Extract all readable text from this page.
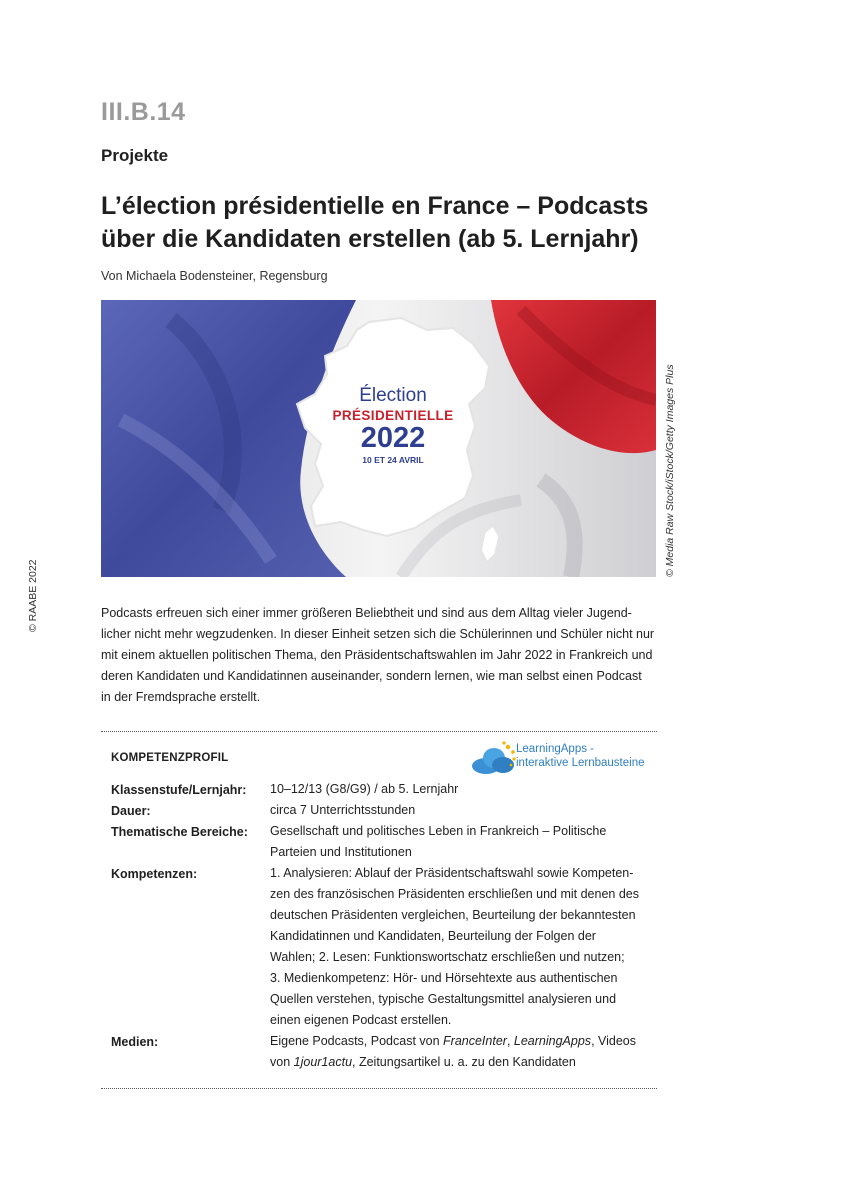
III.B.14
Projekte
L’élection présidentielle en France – Podcasts
über die Kandidaten erstellen (ab 5. Lernjahr)
Von Michaela Bodensteiner, Regensburg
© RAABE 2022
Élection
PRÉSIDENTIELLE
2022
10 ET 24 AVRIL	© Media Raw Stock/iStock/Getty Images Plus
Podcasts erfreuen sich einer immer größeren Beliebtheit und sind aus dem Alltag vieler Jugend-
licher nicht mehr wegzudenken. In dieser Einheit setzen sich die Schülerinnen und Schüler nicht nur
mit einem aktuellen politischen Thema, den Präsidentschaftswahlen im Jahr 2022 in Frankreich und
deren Kandidaten und Kandidatinnen auseinander, sondern lernen, wie man selbst einen Podcast
in der Fremdsprache erstellt.
KOMPETENZPROFIL
LearningApps -
interaktive Lernbausteine
Klassenstufe/Lernjahr: 10–12/13 (G8/G9) / ab 5. Lernjahr
Dauer:	circa 7 Unterrichtsstunden
Thematische Bereiche: Gesellschaft und politisches Leben in Frankreich – Politische
Parteien und Institutionen
Kompetenzen:	1. Analysieren: Ablauf der Präsidentschaftswahl sowie Kompeten-
zen des französischen Präsidenten erschließen und mit denen des
deutschen Präsidenten vergleichen, Beurteilung der bekanntesten
Kandidatinnen und Kandidaten, Beurteilung der Folgen der
Wahlen; 2. Lesen: Funktionswortschatz erschließen und nutzen;
3. Medienkompetenz: Hör- und Hörsehtexte aus authentischen
Quellen verstehen, typische Gestaltungsmittel analysieren und
einen eigenen Podcast erstellen.
Medien:	Eigene Podcasts, Podcast von FranceInter, LearningApps, Videos
von 1jour1actu, Zeitungsartikel u. a. zu den Kandidaten
